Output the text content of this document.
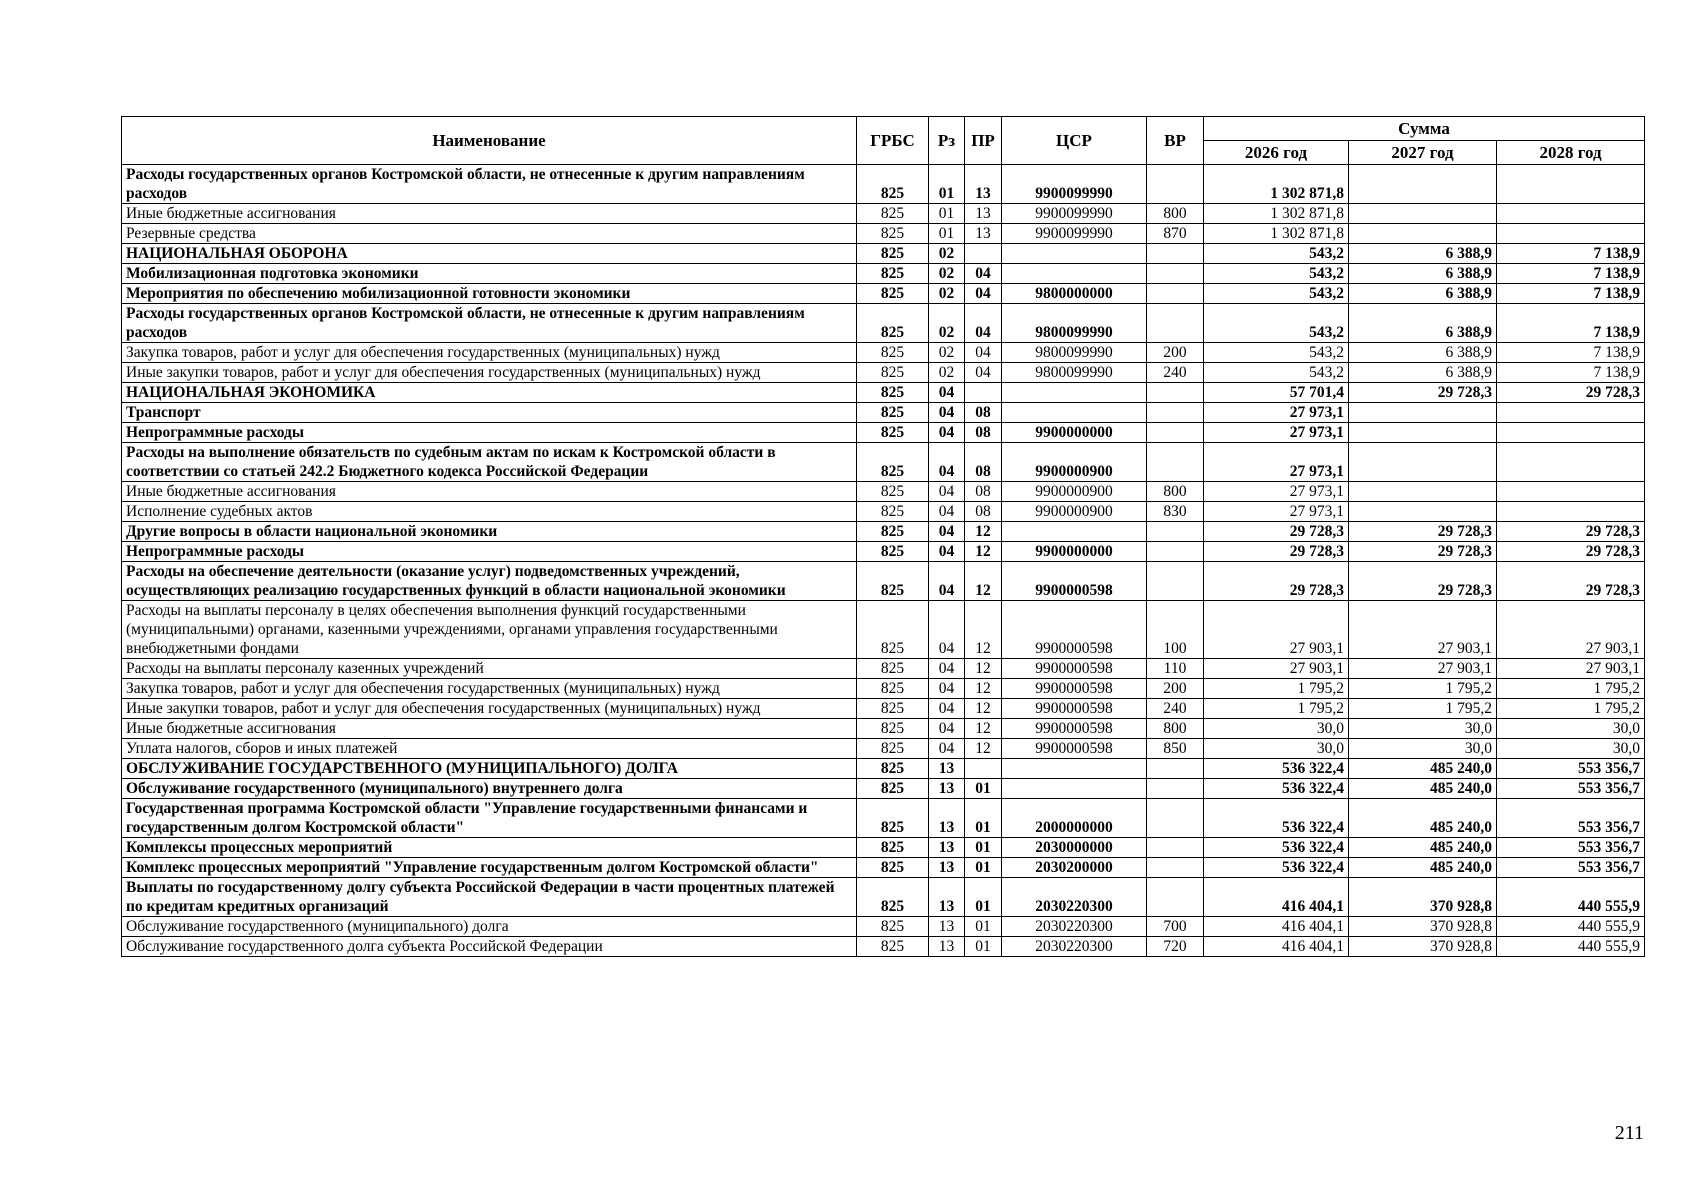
Наименование	ГРБС	Рз	ПР	ЦСР	ВР	Сумма		
						2026 год	2027 год	2028 год
Расходы государственных органов Костромской области, не отнесенные к другим направлениям расходов	825	01	13	9900099990		1 302 871,8		
Иные бюджетные ассигнования	825	01	13	9900099990	800	1 302 871,8		
Резервные средства	825	01	13	9900099990	870	1 302 871,8		
НАЦИОНАЛЬНАЯ ОБОРОНА	825	02				543,2	6 388,9	7 138,9
Мобилизационная подготовка экономики	825	02	04			543,2	6 388,9	7 138,9
Мероприятия по обеспечению мобилизационной готовности экономики	825	02	04	9800000000		543,2	6 388,9	7 138,9
Расходы государственных органов Костромской области, не отнесенные к другим направлениям расходов	825	02	04	9800099990		543,2	6 388,9	7 138,9
Закупка товаров, работ и услуг для обеспечения государственных (муниципальных) нужд	825	02	04	9800099990	200	543,2	6 388,9	7 138,9
Иные закупки товаров, работ и услуг для обеспечения государственных (муниципальных) нужд	825	02	04	9800099990	240	543,2	6 388,9	7 138,9
НАЦИОНАЛЬНАЯ ЭКОНОМИКА	825	04				57 701,4	29 728,3	29 728,3
Транспорт	825	04	08			27 973,1		
Непрограммные расходы	825	04	08	9900000000		27 973,1		
Расходы на выполнение обязательств по судебным актам по искам к Костромской области в соответствии со статьей 242.2 Бюджетного кодекса Российской Федерации	825	04	08	9900000900		27 973,1		
Иные бюджетные ассигнования	825	04	08	9900000900	800	27 973,1		
Исполнение судебных актов	825	04	08	9900000900	830	27 973,1		
Другие вопросы в области национальной экономики	825	04	12			29 728,3	29 728,3	29 728,3
Непрограммные расходы	825	04	12	9900000000		29 728,3	29 728,3	29 728,3
Расходы на обеспечение деятельности (оказание услуг) подведомственных учреждений, осуществляющих реализацию государственных функций в области национальной экономики	825	04	12	9900000598		29 728,3	29 728,3	29 728,3
Расходы на выплаты персоналу в целях обеспечения выполнения функций государственными (муниципальными) органами, казенными учреждениями, органами управления государственными внебюджетными фондами	825	04	12	9900000598	100	27 903,1	27 903,1	27 903,1
Расходы на выплаты персоналу казенных учреждений	825	04	12	9900000598	110	27 903,1	27 903,1	27 903,1
Закупка товаров, работ и услуг для обеспечения государственных (муниципальных) нужд	825	04	12	9900000598	200	1 795,2	1 795,2	1 795,2
Иные закупки товаров, работ и услуг для обеспечения государственных (муниципальных) нужд	825	04	12	9900000598	240	1 795,2	1 795,2	1 795,2
Иные бюджетные ассигнования	825	04	12	9900000598	800	30,0	30,0	30,0
Уплата налогов, сборов и иных платежей	825	04	12	9900000598	850	30,0	30,0	30,0
ОБСЛУЖИВАНИЕ ГОСУДАРСТВЕННОГО (МУНИЦИПАЛЬНОГО) ДОЛГА	825	13				536 322,4	485 240,0	553 356,7
Обслуживание государственного (муниципального) внутреннего долга	825	13	01			536 322,4	485 240,0	553 356,7
Государственная программа Костромской области "Управление государственными финансами и государственным долгом Костромской области"	825	13	01	2000000000		536 322,4	485 240,0	553 356,7
Комплексы процессных мероприятий	825	13	01	2030000000		536 322,4	485 240,0	553 356,7
Комплекс процессных мероприятий "Управление государственным долгом Костромской области"	825	13	01	2030200000		536 322,4	485 240,0	553 356,7
Выплаты по государственному долгу субъекта Российской Федерации в части процентных платежей по кредитам кредитных организаций	825	13	01	2030220300		416 404,1	370 928,8	440 555,9
Обслуживание государственного (муниципального) долга	825	13	01	2030220300	700	416 404,1	370 928,8	440 555,9
Обслуживание государственного долга субъекта Российской Федерации	825	13	01	2030220300	720	416 404,1	370 928,8	440 555,9
211
